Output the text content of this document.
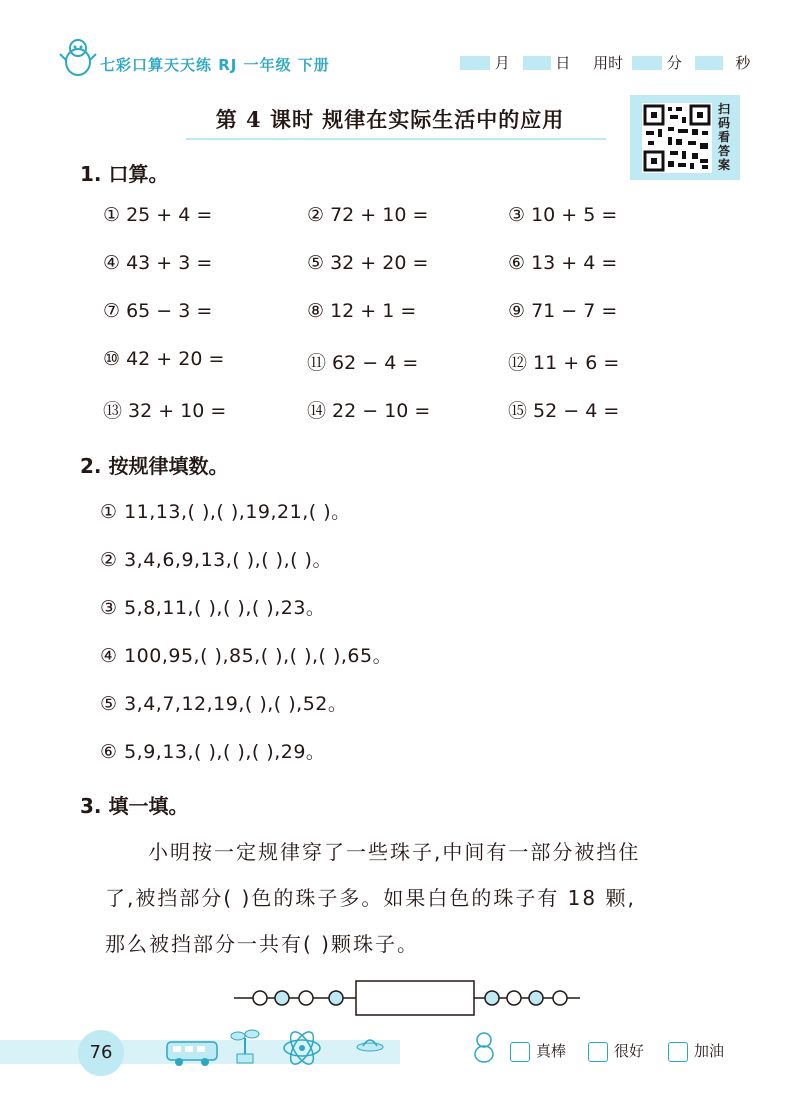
七彩口算天天练 RJ 一年级 下册	月	日 用时	分	秒
第 4 课时 规律在实际生活中的应用	扫
码
看
答
案
1. 口算。
① 25 + 4 =	② 72 + 10 =	③ 10 + 5 =
④ 43 + 3 =	⑤ 32 + 20 =	⑥ 13 + 4 =
⑦ 65 − 3 =	⑧ 12 + 1 =	⑨ 71 − 7 =
⑩ 42 + 20 =	⑪ 62 − 4 =	⑫ 11 + 6 =
⑬ 32 + 10 =	⑭ 22 − 10 =	⑮ 52 − 4 =
2. 按规律填数。
① 11,13,( ),( ),19,21,( )。
② 3,4,6,9,13,( ),( ),( )。
③ 5,8,11,( ),( ),( ),23。
④ 100,95,( ),85,( ),( ),( ),65。
⑤ 3,4,7,12,19,( ),( ),52。
⑥ 5,9,13,( ),( ),( ),29。
3. 填一填。
小明按一定规律穿了一些珠子,中间有一部分被挡住
了,被挡部分( )色的珠子多。如果白色的珠子有 18 颗,
那么被挡部分一共有( )颗珠子。
76	真棒	很好	加油
